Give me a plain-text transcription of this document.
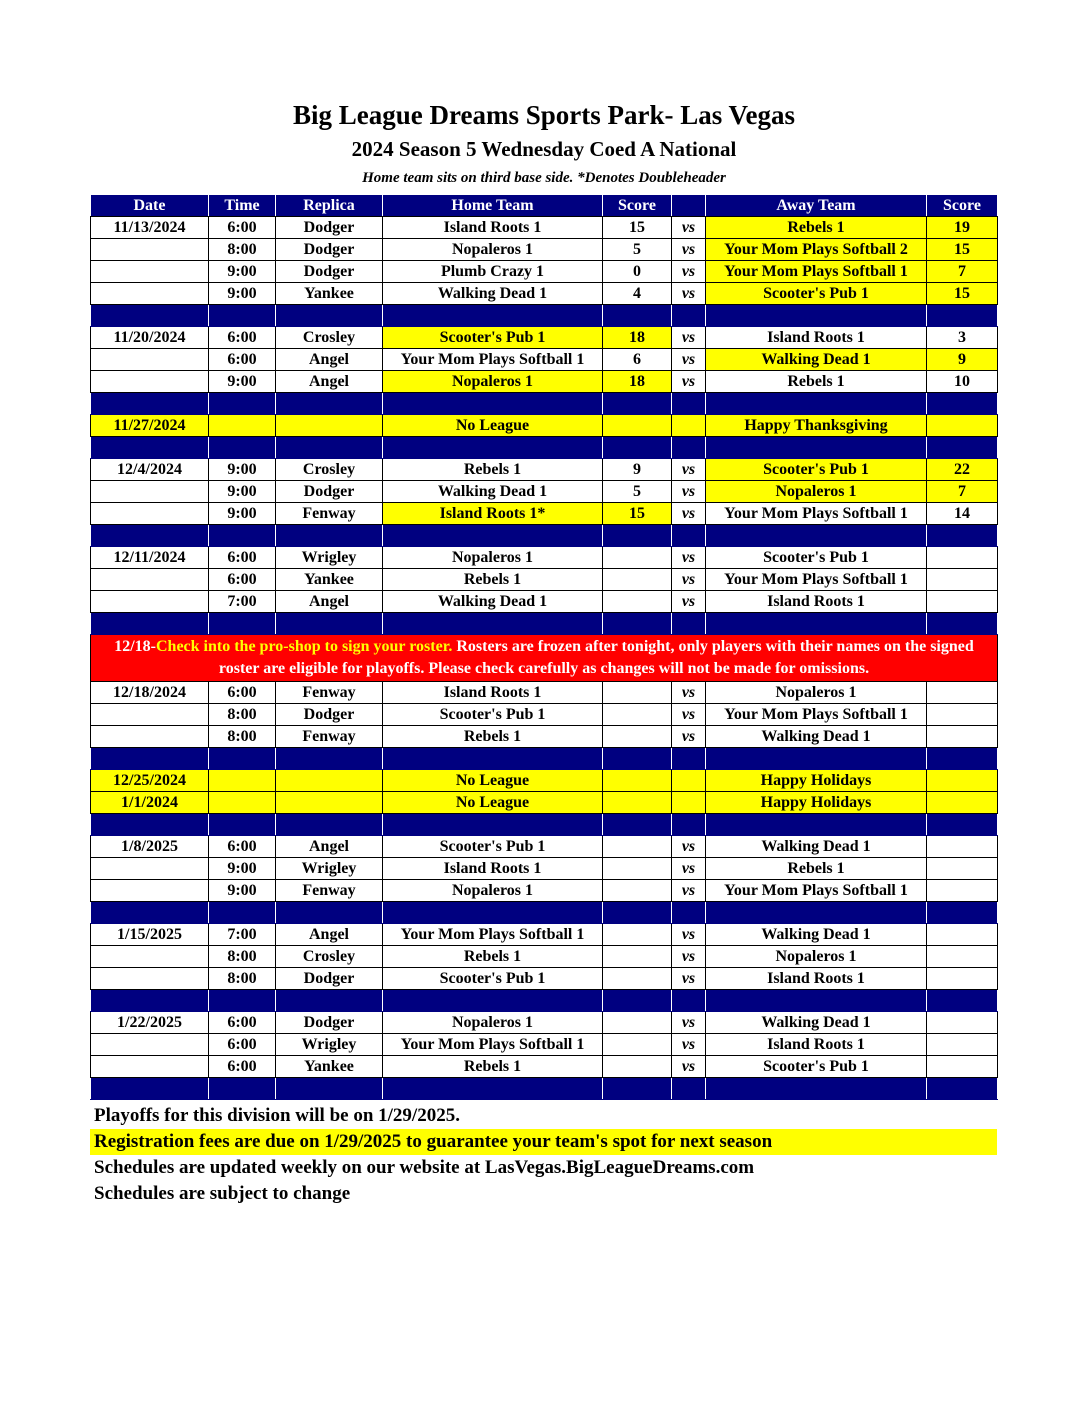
Big League Dreams Sports Park- Las Vegas
2024 Season 5 Wednesday Coed A National
Home team sits on third base side. *Denotes Doubleheader
Date	Time	Replica	Home Team	Score		Away Team	Score
11/13/2024	6:00	Dodger	Island Roots 1	15	vs	Rebels 1	19
	8:00	Dodger	Nopaleros 1	5	vs	Your Mom Plays Softball 2	15
	9:00	Dodger	Plumb Crazy 1	0	vs	Your Mom Plays Softball 1	7
	9:00	Yankee	Walking Dead 1	4	vs	Scooter's Pub 1	15

11/20/2024	6:00	Crosley	Scooter's Pub 1	18	vs	Island Roots 1	3
	6:00	Angel	Your Mom Plays Softball 1	6	vs	Walking Dead 1	9
	9:00	Angel	Nopaleros 1	18	vs	Rebels 1	10

11/27/2024			No League			Happy Thanksgiving	

12/4/2024	9:00	Crosley	Rebels 1	9	vs	Scooter's Pub 1	22
	9:00	Dodger	Walking Dead 1	5	vs	Nopaleros 1	7
	9:00	Fenway	Island Roots 1*	15	vs	Your Mom Plays Softball 1	14

12/11/2024	6:00	Wrigley	Nopaleros 1		vs	Scooter's Pub 1	
	6:00	Yankee	Rebels 1		vs	Your Mom Plays Softball 1	
	7:00	Angel	Walking Dead 1		vs	Island Roots 1	

12/18-Check into the pro-shop to sign your roster. Rosters are frozen after tonight, only players with their names on the signed roster are eligible for playoffs. Please check carefully as changes will not be made for omissions.							
12/18/2024	6:00	Fenway	Island Roots 1		vs	Nopaleros 1	
	8:00	Dodger	Scooter's Pub 1		vs	Your Mom Plays Softball 1	
	8:00	Fenway	Rebels 1		vs	Walking Dead 1	

12/25/2024			No League			Happy Holidays	
1/1/2024			No League			Happy Holidays	

1/8/2025	6:00	Angel	Scooter's Pub 1		vs	Walking Dead 1	
	9:00	Wrigley	Island Roots 1		vs	Rebels 1	
	9:00	Fenway	Nopaleros 1		vs	Your Mom Plays Softball 1	

1/15/2025	7:00	Angel	Your Mom Plays Softball 1		vs	Walking Dead 1	
	8:00	Crosley	Rebels 1		vs	Nopaleros 1	
	8:00	Dodger	Scooter's Pub 1		vs	Island Roots 1	

1/22/2025	6:00	Dodger	Nopaleros 1		vs	Walking Dead 1	
	6:00	Wrigley	Your Mom Plays Softball 1		vs	Island Roots 1	
	6:00	Yankee	Rebels 1		vs	Scooter's Pub 1	

Playoffs for this division will be on 1/29/2025.
Registration fees are due on 1/29/2025 to guarantee your team's spot for next season
Schedules are updated weekly on our website at LasVegas.BigLeagueDreams.com
Schedules are subject to change
